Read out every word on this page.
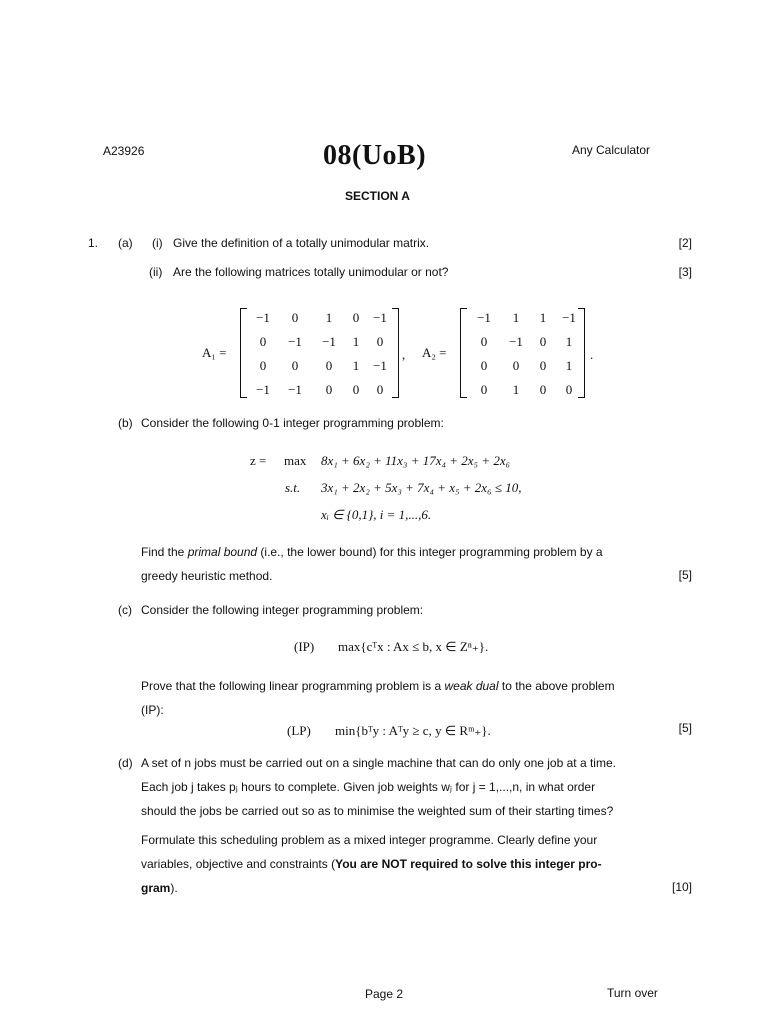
A23926	08(UoB)	Any Calculator
SECTION A
1. (a) (i) Give the definition of a totally unimodular matrix.	[2]
(ii) Are the following matrices totally unimodular or not?	[3]
A₁ =
−1	0	1	0	−1
0	−1	−1	1	0
0	0	0	1	−1
−1	−1	0	0	0
, A₂ =
−1	1	1	−1
0	−1	0	1
0	0	0	1
0	1	0	0
.
(b) Consider the following 0-1 integer programming problem:
z = max 8x₁ + 6x₂ + 11x₃ + 17x₄ + 2x₅ + 2x₆
s.t. 3x₁ + 2x₂ + 5x₃ + 7x₄ + x₅ + 2x₆ ≤ 10,
xᵢ ∈ {0,1}, i = 1,...,6.
Find the primal bound (i.e., the lower bound) for this integer programming problem by a
greedy heuristic method.	[5]
(c) Consider the following integer programming problem:
(IP) max{cᵀx : Ax ≤ b, x ∈ Zⁿ₊}.
Prove that the following linear programming problem is a weak dual to the above problem
(IP):
(LP) min{bᵀy : Aᵀy ≥ c, y ∈ Rᵐ₊}.	[5]
(d) A set of n jobs must be carried out on a single machine that can do only one job at a time.
Each job j takes pⱼ hours to complete. Given job weights wⱼ for j = 1,...,n, in what order
should the jobs be carried out so as to minimise the weighted sum of their starting times?
Formulate this scheduling problem as a mixed integer programme. Clearly define your
variables, objective and constraints (You are NOT required to solve this integer pro-
gram).	[10]
Page 2	Turn over
